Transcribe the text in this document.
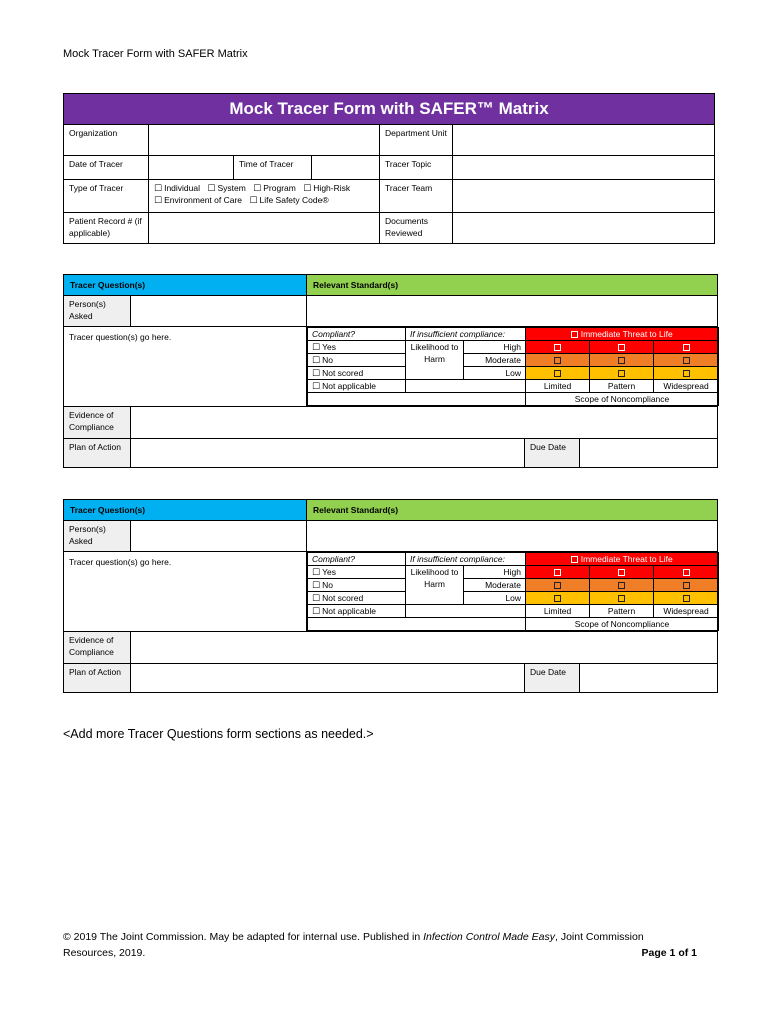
Mock Tracer Form with SAFER Matrix
Mock Tracer Form with SAFER™ Matrix					
Organization				Department Unit	
Date of Tracer		Time of Tracer		Tracer Topic	
Type of Tracer	☐ Individual ☐ System ☐ Program ☐ High-Risk
☐ Environment of Care ☐ Life Safety Code®			Tracer Team	
Patient Record # (if applicable)				Documents Reviewed	
Tracer Question(s)	Relevant Standard(s)
Person(s) Asked		
Tracer question(s) go here.		Compliant?	If insufficient compliance:	Immediate Threat to Life
☐ Yes	Likelihood to Harm	High			
☐ No	Moderate			
☐ Not scored	Low			
☐ Not applicable		Limited	Pattern	Widespread
	Scope of Noncompliance

Evidence of Compliance	
Plan of Action		Due Date	
Tracer Question(s)	Relevant Standard(s)
Person(s) Asked		
Tracer question(s) go here.		Compliant?	If insufficient compliance:	Immediate Threat to Life
☐ Yes	Likelihood to Harm	High			
☐ No	Moderate			
☐ Not scored	Low			
☐ Not applicable		Limited	Pattern	Widespread
	Scope of Noncompliance

Evidence of Compliance	
Plan of Action		Due Date	
<Add more Tracer Questions form sections as needed.>
© 2019 The Joint Commission. May be adapted for internal use. Published in Infection Control Made Easy, Joint Commission Resources, 2019.	Page 1 of 1
